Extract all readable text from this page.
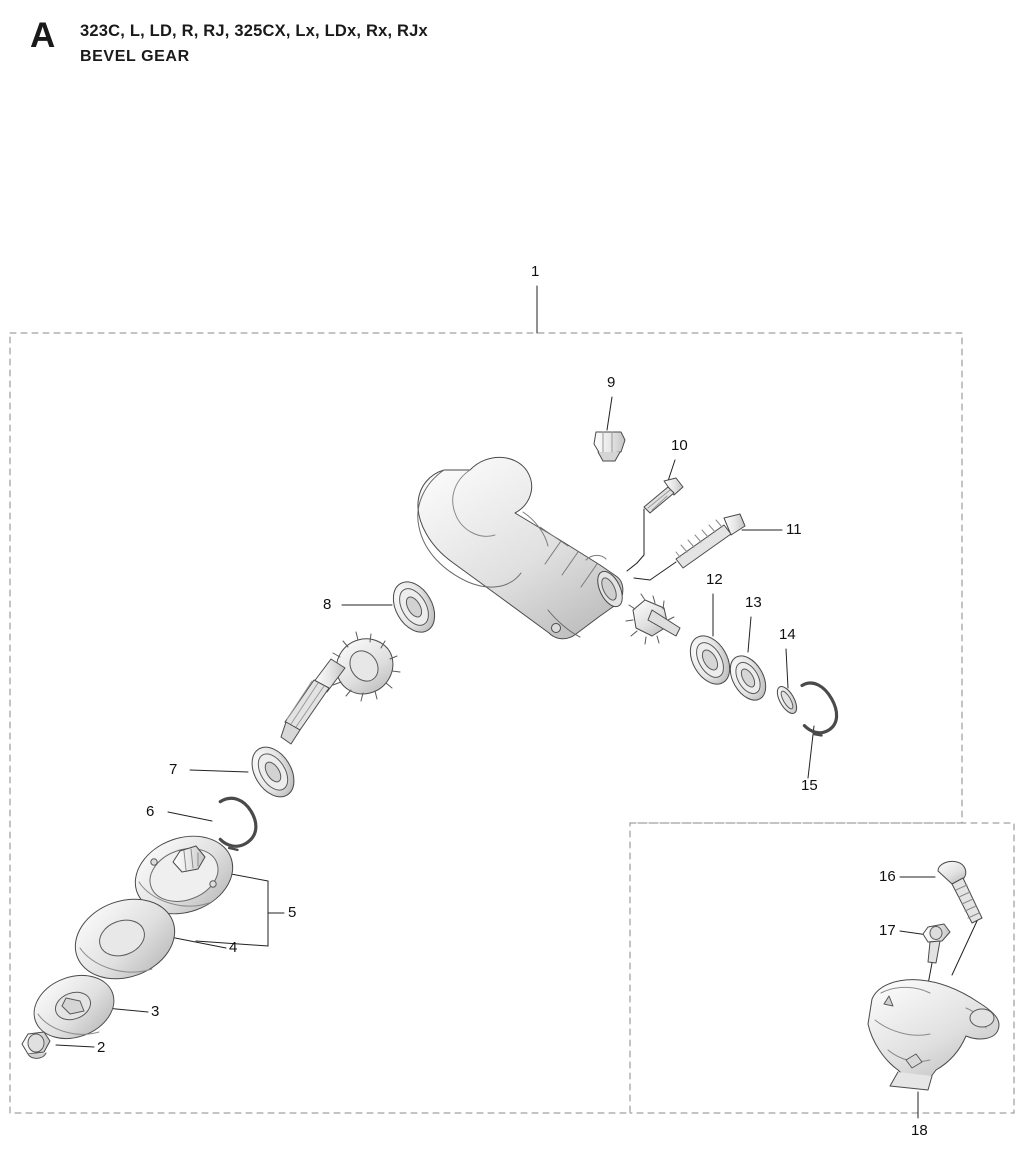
A 323C, L, LD, R, RJ, 325CX, Lx, LDx, Rx, RJx
BEVEL GEAR
1
2
3
4
5
6
7
8
9
10
11
12
13
14
15
16
17
18
